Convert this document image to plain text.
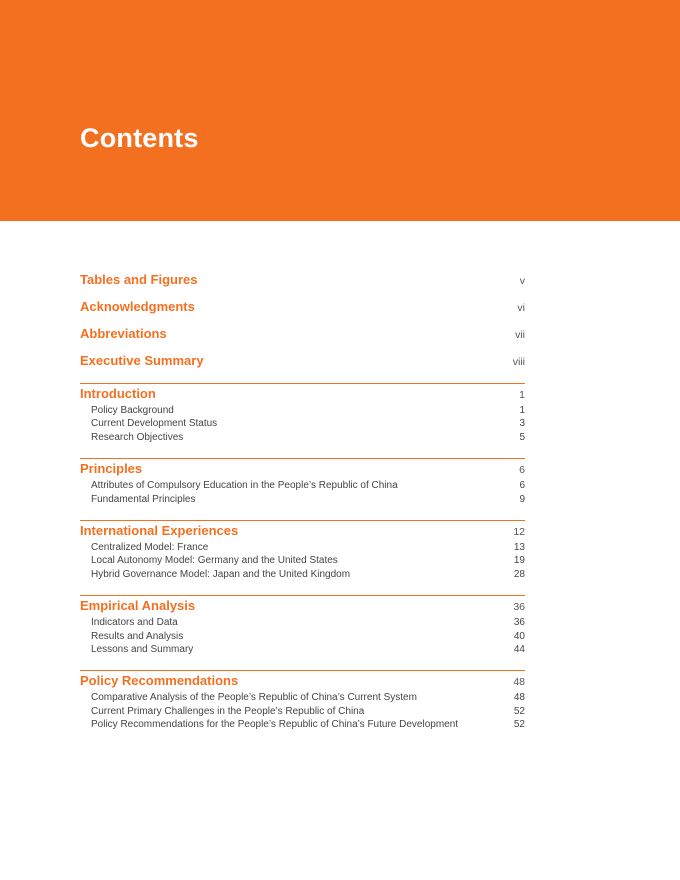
Contents
Tables and Figures	v
Acknowledgments	vi
Abbreviations	vii
Executive Summary	viii
Introduction	1
Policy Background	1
Current Development Status	3
Research Objectives	5
Principles	6
Attributes of Compulsory Education in the People’s Republic of China	6
Fundamental Principles	9
International Experiences	12
Centralized Model: France	13
Local Autonomy Model: Germany and the United States	19
Hybrid Governance Model: Japan and the United Kingdom	28
Empirical Analysis	36
Indicators and Data	36
Results and Analysis	40
Lessons and Summary	44
Policy Recommendations	48
Comparative Analysis of the People’s Republic of China’s Current System	48
Current Primary Challenges in the People’s Republic of China	52
Policy Recommendations for the People’s Republic of China’s Future Development	52
